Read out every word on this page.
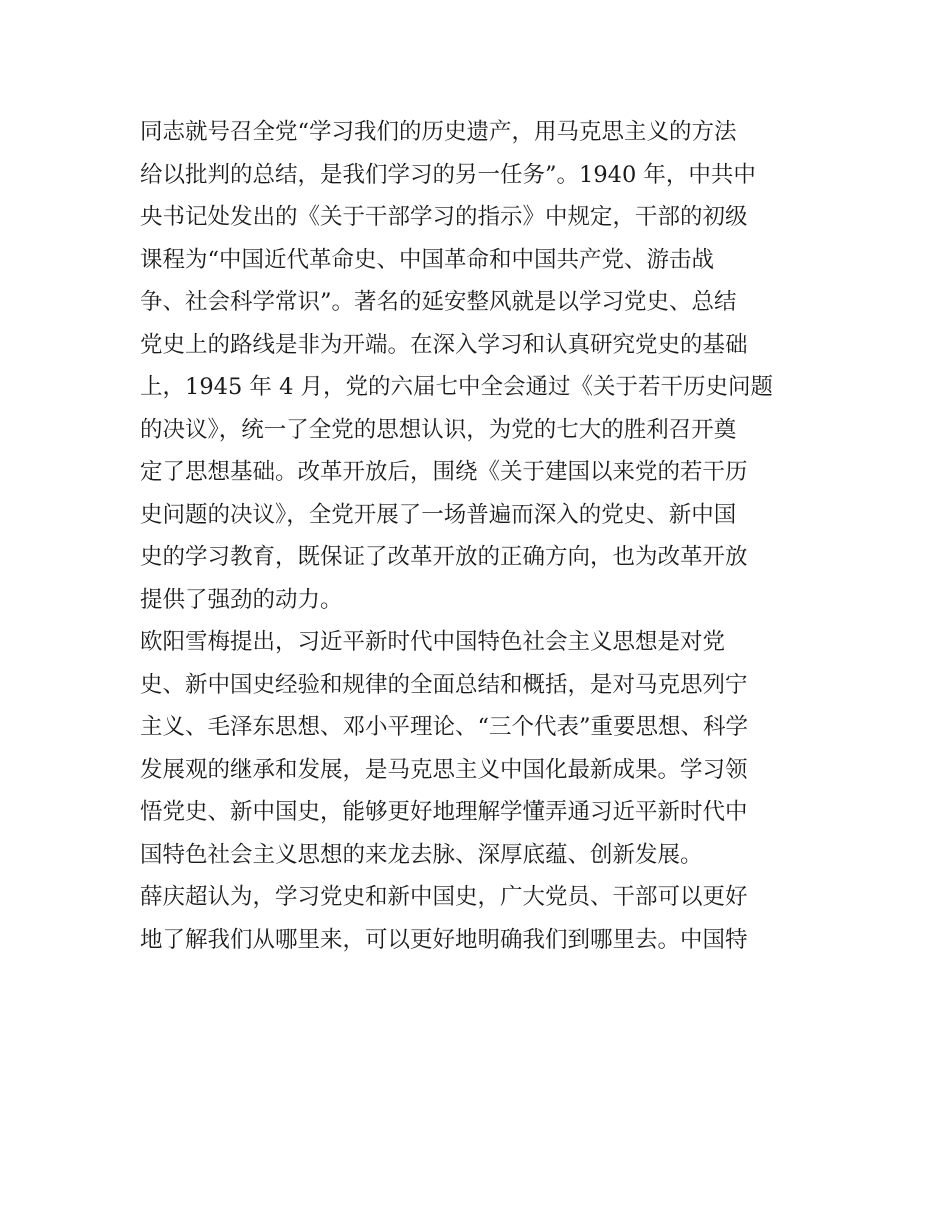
同志就号召全党“学习我们的历史遗产，用马克思主义的方法
给以批判的总结，是我们学习的另一任务”。1940 年，中共中
央书记处发出的《关于干部学习的指示》中规定，干部的初级
课程为“中国近代革命史、中国革命和中国共产党、游击战
争、社会科学常识”。著名的延安整风就是以学习党史、总结
党史上的路线是非为开端。在深入学习和认真研究党史的基础
上，1945 年 4 月，党的六届七中全会通过《关于若干历史问题
的决议》，统一了全党的思想认识，为党的七大的胜利召开奠
定了思想基础。改革开放后，围绕《关于建国以来党的若干历
史问题的决议》，全党开展了一场普遍而深入的党史、新中国
史的学习教育，既保证了改革开放的正确方向，也为改革开放
提供了强劲的动力。
欧阳雪梅提出，习近平新时代中国特色社会主义思想是对党
史、新中国史经验和规律的全面总结和概括，是对马克思列宁
主义、毛泽东思想、邓小平理论、“三个代表”重要思想、科学
发展观的继承和发展，是马克思主义中国化最新成果。学习领
悟党史、新中国史，能够更好地理解学懂弄通习近平新时代中
国特色社会主义思想的来龙去脉、深厚底蕴、创新发展。
薛庆超认为，学习党史和新中国史，广大党员、干部可以更好
地了解我们从哪里来，可以更好地明确我们到哪里去。中国特
